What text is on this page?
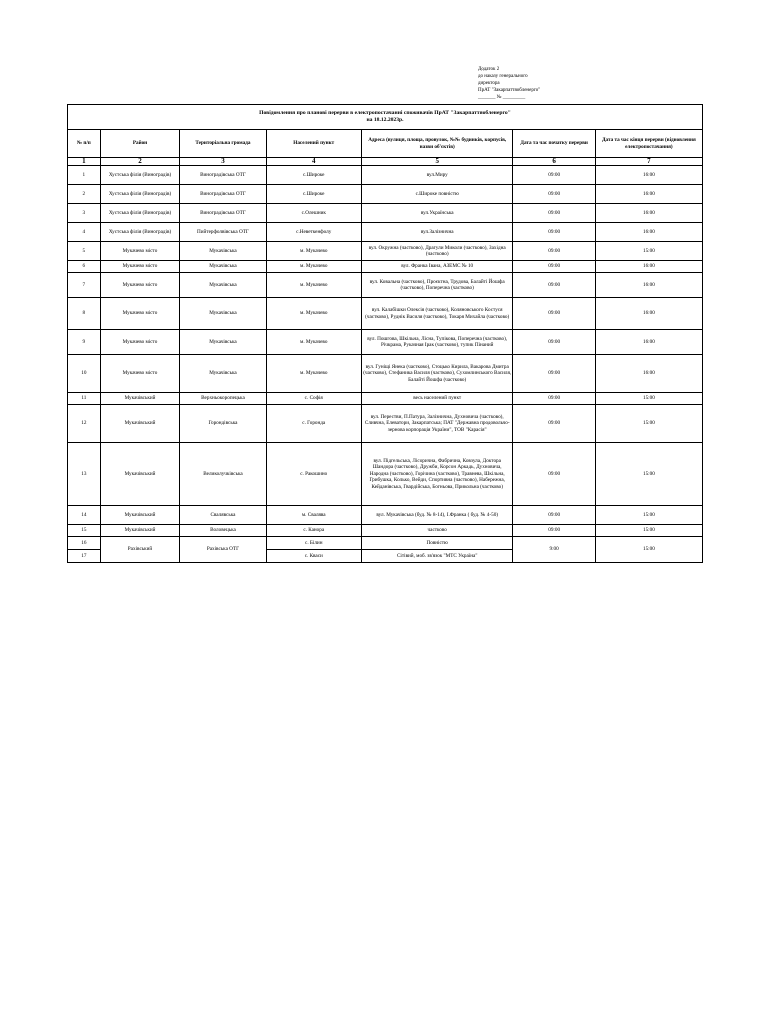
Додаток 2
до наказу генерального
директора
ПрАТ "Закарпаттяобленерго"
_______ № _________
Повідомлення про планові перерви в електропостачанні споживачів ПрАТ "Закарпаттяобленерго"
на 18.12.2023р.						

№ п/п	Район	Територіальна громада	Населений пункт	Адреса (вулиця, площа, провулок, №№ будинків, корпусів, назви об'єктів)	Дата та час початку перерви	Дата та час кінця перерви (відновлення електропостачання)
1	2	3	4	5	6	7
1	Хустська філія (Виноградів)	Виноградівська ОТГ	с.Широке	вул.Миру	09:00	16:00
2	Хустська філія (Виноградів)	Виноградівська ОТГ	с.Широке	с.Широке повністю	09:00	16:00
3	Хустська філія (Виноградів)	Виноградівська ОТГ	с.Олешник	вул.Українська	09:00	16:00
4	Хустська філія (Виноградів)	Пийтерфолвівська ОТГ	с.Неветкенфолу	вул.Залізнична	09:00	16:00
5	Мукачево місто	Мукачівська	м. Мукачево	вул. Окружна (частково), Драгули Миколи (частково), Західна (частково)	09:00	15:00
6	Мукачево місто	Мукачівська	м. Мукачево	вул. Франка Івана, АЗЕМС № 10	09:00	16:00
7	Мукачево місто	Мукачівська	м. Мукачево	вул. Ковальна (частково), Проєктна, Трудова, Балайті Йошфа (частково), Поперечна (частково)	09:00	16:00
8	Мукачево місто	Мукачівська	м. Мукачево	вул. Калабішки Олексія (частково), Коляновського Костуся (частково), Руднік Василя (частково), Токаря Михайла (частково)	09:00	16:00
9	Мукачево місто	Мукачівська	м. Мукачево	вул. Пошгова, Шкільна, Лісна, Тупікова, Поперечна (частково), Річкрама, Рукачная Ірак (частково), тупик Пінаний	09:00	16:00
10	Мукачево місто	Мукачівська	м. Мукачево	вул. Гуніщі Янека (частково), Стоцько Кирила, Вакарова Дмитра (частково), Стефаника Василя (частково), Сухомлинського Василя, Балайті Йошфа (частково)	09:00	16:00
11	Мукачівський	Верхньокоропецька	с. Софія	весь населений пункт	09:00	15:00
12	Мукачівський	Горондівська	с. Горонда	вул. Перестви, П.Патура, Залізнична, Духновича (частково), Сливчна, Елеватори, Закарпатська; ПАТ "Державна продовольчо-зернова корпорація України", ТОВ "Карасія"	09:00	15:00
13	Мукачівський	Великолучківська	с. Ракошино	вул. Підгельська, Лісорична, Фабрична, Ковзула, Доктора Шандора (частково), Дружби, Корсон Аркадь, Духновича, Народна (частково), Горічина (частково), Травнева, Шкільна, Грибушка, Колько, Вейди, Спортивна (частково), Набережна, Кейданівська, Гвардійська, Богньова, Прикольна (частково)	09:00	15:00
14	Мукачівський	Свалявська	м. Свалява	вул. Мукачівська (буд. № 8-14), І.Франка ( буд. № 4-50)	09:00	15:00
15	Мукачівський	Воловецька	с. Канора	частково	09:00	15:00
16	Рахівський	Рахівська ОТГ	с. Білин	Повністю	9:00	15:00
17			с. Кваси	Сітівий, моб. зв'язок "МТС Україна"		
